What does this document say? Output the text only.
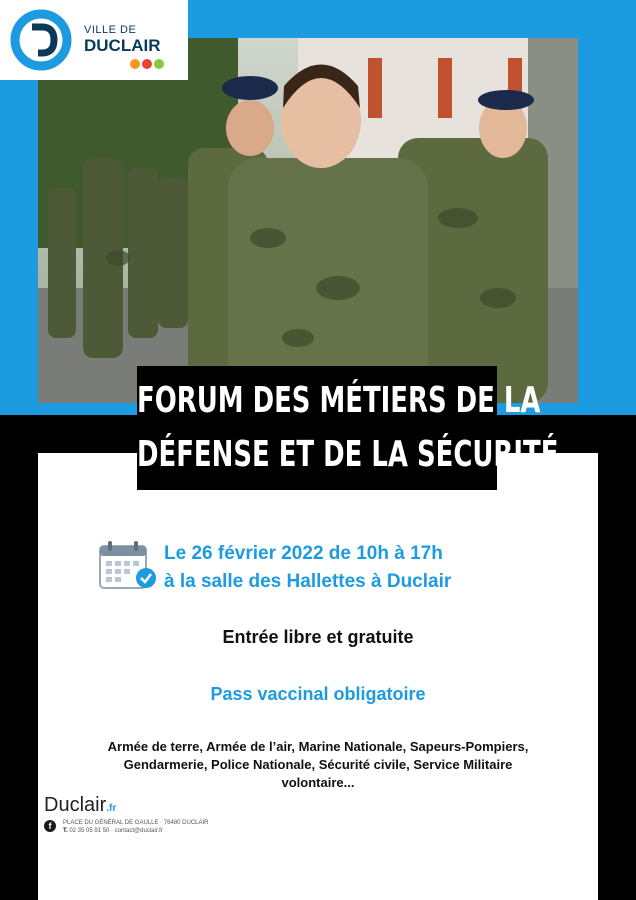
VILLE DE
DUCLAIR
FORUM DES MÉTIERS DE LA
DÉFENSE ET DE LA SÉCURITÉ
Le 26 février 2022 de 10h à 17h
à la salle des Hallettes à Duclair
Entrée libre et gratuite
Pass vaccinal obligatoire
Armée de terre, Armée de l’air, Marine Nationale, Sapeurs-Pompiers,
Gendarmerie, Police Nationale, Sécurité civile, Service Militaire
volontaire...
Duclair.fr
f	PLACE DU GÉNÉRAL DE GAULLE · 76480 DUCLAIR
T. 02 35 05 91 50 · contact@duclair.fr
